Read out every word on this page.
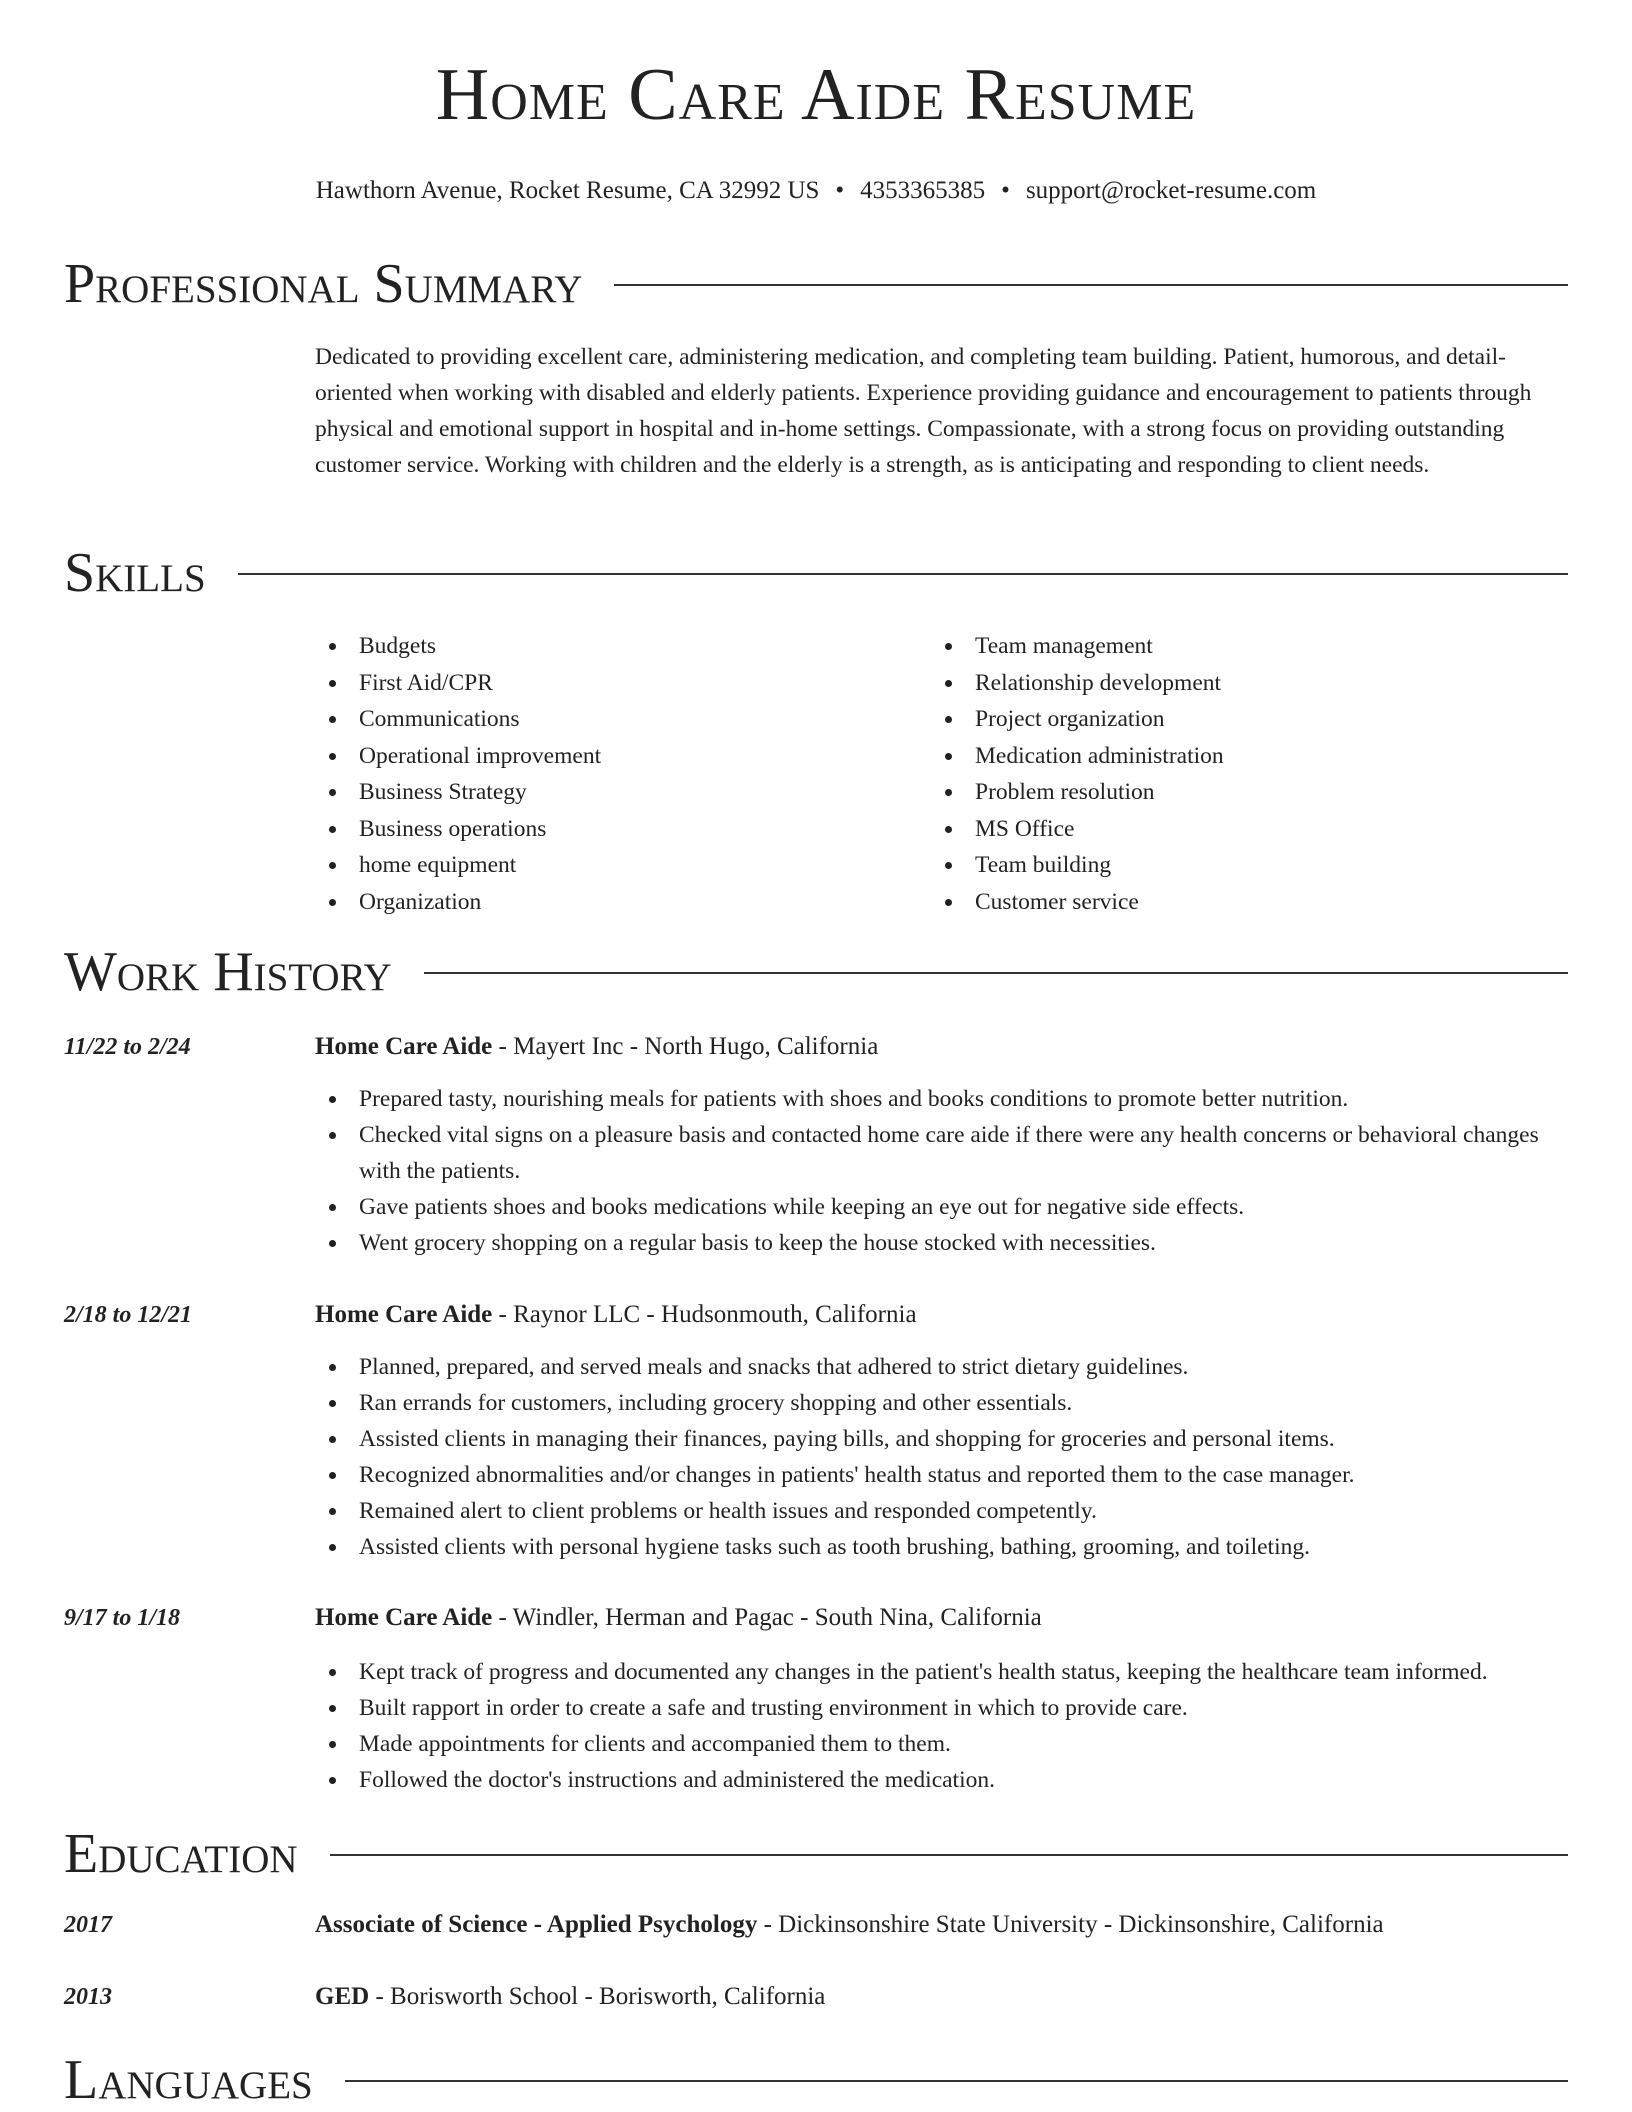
Home Care Aide Resume
Hawthorn Avenue, Rocket Resume, CA 32992 US • 4353365385 • support@rocket-resume.com
Professional Summary

Dedicated to providing excellent care, administering medication, and completing team building. Patient, humorous, and detail-oriented when working with disabled and elderly patients. Experience providing guidance and encouragement to patients through physical and emotional support in hospital and in-home settings. Compassionate, with a strong focus on providing outstanding customer service. Working with children and the elderly is a strength, as is anticipating and responding to client needs.

Skills
Budgets
First Aid/CPR
Communications
Operational improvement
Business Strategy
Business operations
home equipment
Organization
Team management
Relationship development
Project organization
Medication administration
Problem resolution
MS Office
Team building
Customer service
Work History
11/22 to 2/24	Home Care Aide - Mayert Inc - North Hugo, California
Prepared tasty, nourishing meals for patients with shoes and books conditions to promote better nutrition.
Checked vital signs on a pleasure basis and contacted home care aide if there were any health concerns or behavioral changes with the patients.
Gave patients shoes and books medications while keeping an eye out for negative side effects.
Went grocery shopping on a regular basis to keep the house stocked with necessities.
2/18 to 12/21	Home Care Aide - Raynor LLC - Hudsonmouth, California
Planned, prepared, and served meals and snacks that adhered to strict dietary guidelines.
Ran errands for customers, including grocery shopping and other essentials.
Assisted clients in managing their finances, paying bills, and shopping for groceries and personal items.
Recognized abnormalities and/or changes in patients' health status and reported them to the case manager.
Remained alert to client problems or health issues and responded competently.
Assisted clients with personal hygiene tasks such as tooth brushing, bathing, grooming, and toileting.
9/17 to 1/18	Home Care Aide - Windler, Herman and Pagac - South Nina, California
Kept track of progress and documented any changes in the patient's health status, keeping the healthcare team informed.
Built rapport in order to create a safe and trusting environment in which to provide care.
Made appointments for clients and accompanied them to them.
Followed the doctor's instructions and administered the medication.
Education
2017	Associate of Science - Applied Psychology - Dickinsonshire State University - Dickinsonshire, California
2013	GED - Borisworth School - Borisworth, California
Languages
